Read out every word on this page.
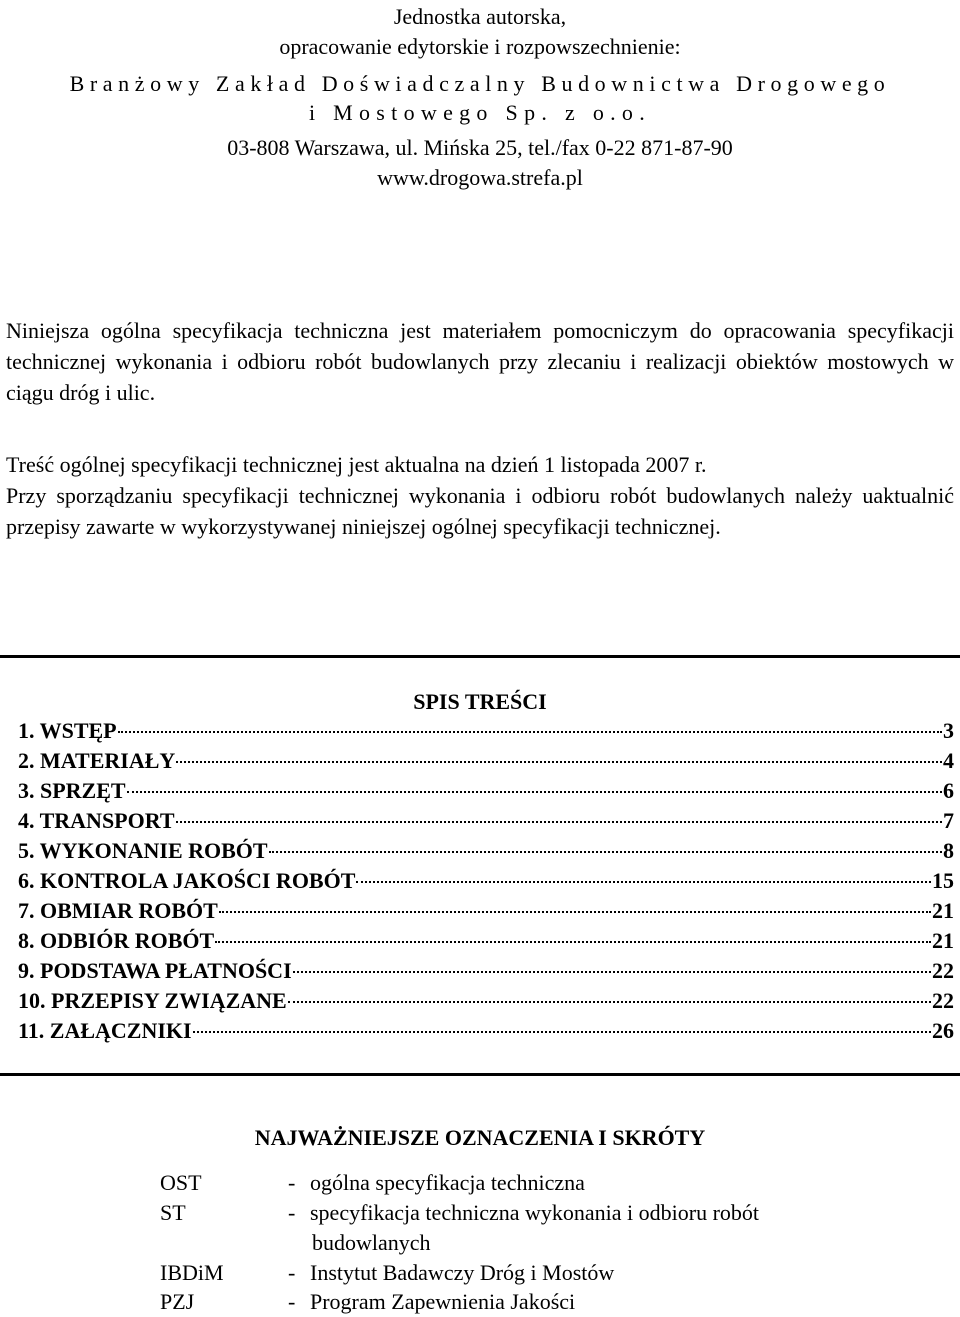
Jednostka autorska,
opracowanie edytorskie i rozpowszechnienie:
Branżowy Zakład Doświadczalny Budownictwa Drogowego
i Mostowego Sp. z o.o.
03-808 Warszawa, ul. Mińska 25, tel./fax 0-22 871-87-90
www.drogowa.strefa.pl
Niniejsza ogólna specyfikacja techniczna jest materiałem pomocniczym do opracowania specyfikacji technicznej wykonania i odbioru robót budowlanych przy zlecaniu i realizacji obiektów mostowych w ciągu dróg i ulic.
Treść ogólnej specyfikacji technicznej jest aktualna na dzień 1 listopada 2007 r.
Przy sporządzaniu specyfikacji technicznej wykonania i odbioru robót budowlanych należy uaktualnić przepisy zawarte w wykorzystywanej niniejszej ogólnej specyfikacji technicznej.
SPIS TREŚCI
1. WSTĘP	3
2. MATERIAŁY	4
3. SPRZĘT	6
4. TRANSPORT	7
5. WYKONANIE ROBÓT	8
6. KONTROLA JAKOŚCI ROBÓT	15
7. OBMIAR ROBÓT	21
8. ODBIÓR ROBÓT	21
9. PODSTAWA PŁATNOŚCI	22
10. PRZEPISY ZWIĄZANE	22
11. ZAŁĄCZNIKI	26
NAJWAŻNIEJSZE OZNACZENIA I SKRÓTY
OST	- ogólna specyfikacja techniczna
ST	- specyfikacja techniczna wykonania i odbioru robót
budowlanych
IBDiM	- Instytut Badawczy Dróg i Mostów
PZJ	- Program Zapewnienia Jakości
